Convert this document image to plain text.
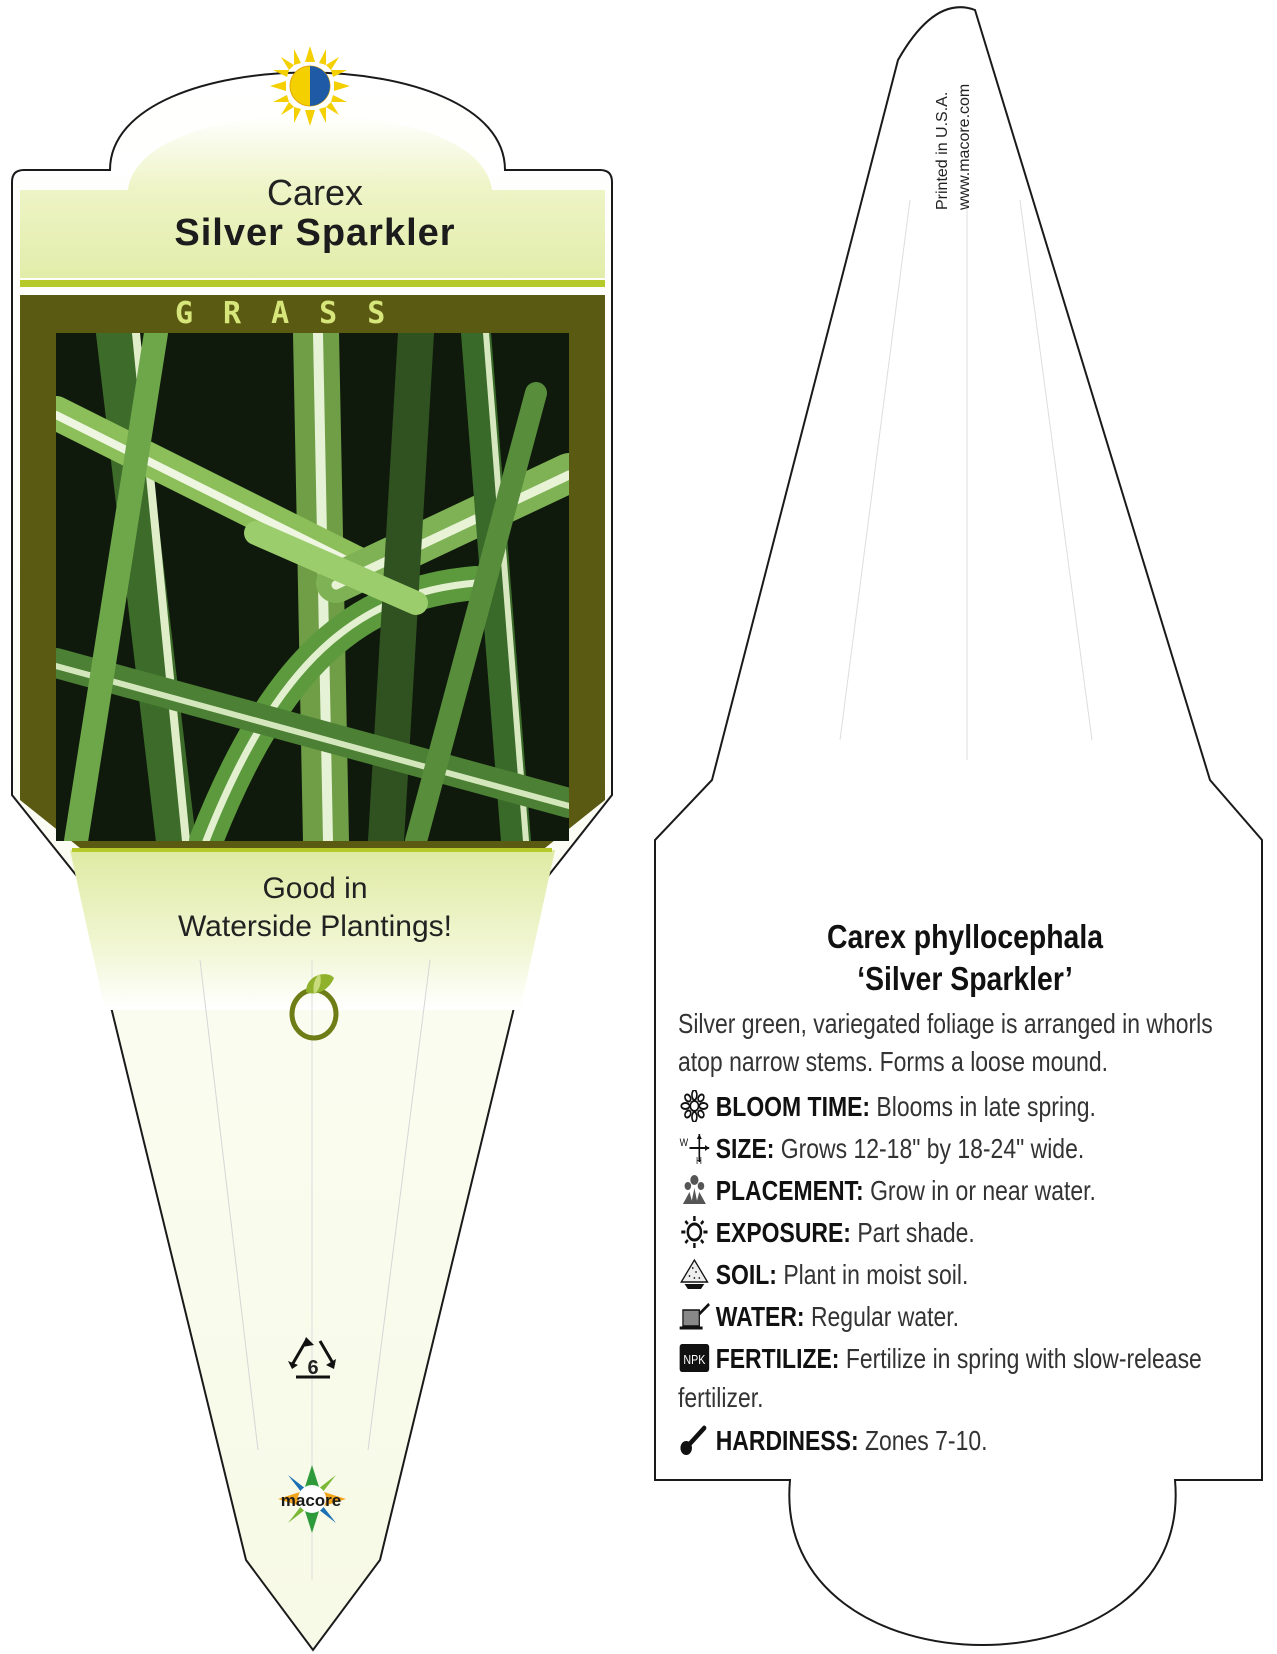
Carex
Silver Sparkler
GRASS
Good in
Waterside Plantings!
6
macore
Printed in U.S.A. www.macore.com
Carex phyllocephala
‘Silver Sparkler’
Silver green, variegated foliage is arranged in whorls
atop narrow stems. Forms a loose mound.
BLOOM TIME: Blooms in late spring.
W
H SIZE: Grows 12-18" by 18-24" wide.
PLACEMENT: Grow in or near water.
EXPOSURE: Part shade.
SOIL: Plant in moist soil.
WATER: Regular water.
NPK FERTILIZE: Fertilize in spring with slow-release
fertilizer.
HARDINESS: Zones 7-10.
